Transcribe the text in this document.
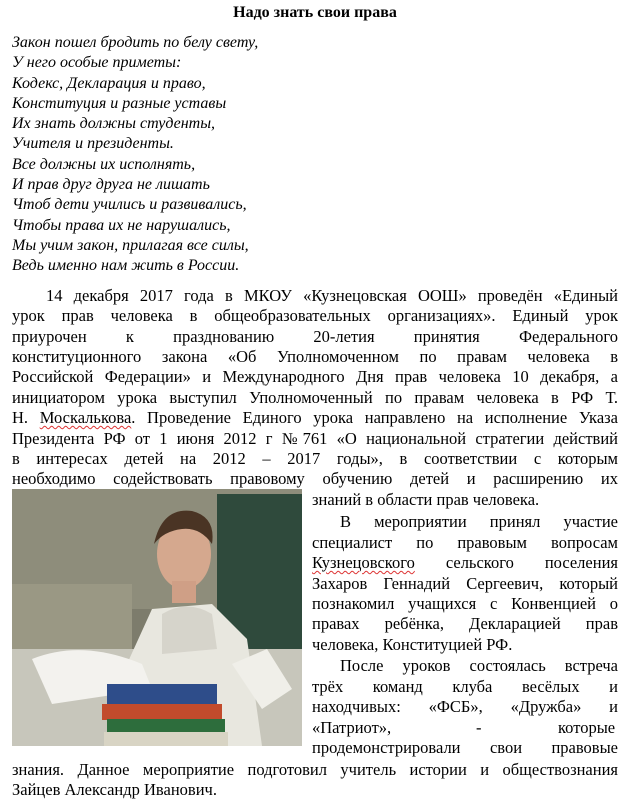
Надо знать свои права
Закон пошел бродить по белу свету,
У него особые приметы:
Кодекс, Декларация и право,
Конституция и разные уставы
Их знать должны студенты,
Учителя и президенты.
Все должны их исполнять,
И прав друг друга не лишать
Чтоб дети учились и развивались,
Чтобы права их не нарушались,
Мы учим закон, прилагая все силы,
Ведь именно нам жить в России.
14 декабря 2017 года в МКОУ «Кузнецовская ООШ» проведён «Единый
урок прав человека в общеобразовательных организациях». Единый урок
приурочен к празднованию 20-летия принятия Федерального
конституционного закона «Об Уполномоченном по правам человека в
Российской Федерации» и Международного Дня прав человека 10 декабря, а
инициатором урока выступил Уполномоченный по правам человека в РФ Т.
Н. Москалькова. Проведение Единого урока направлено на исполнение Указа
Президента РФ от 1 июня 2012 г №761 «О национальной стратегии действий
в интересах детей на 2012 – 2017 годы», в соответствии с которым
необходимо содействовать правовому обучению детей и расширению их
знаний в области прав человека.
В мероприятии принял участие
специалист по правовым вопросам
Кузнецовского сельского поселения
Захаров Геннадий Сергеевич, который
познакомил учащихся с Конвенцией о
правах ребёнка, Декларацией прав
человека, Конституцией РФ.
После уроков состоялась встреча
трёх команд клуба весёлых и
находчивых: «ФСБ», «Дружба» и
«Патриот»,	-	которые
продемонстрировали свои правовые
знания. Данное мероприятие подготовил учитель истории и обществознания
Зайцев Александр Иванович.
